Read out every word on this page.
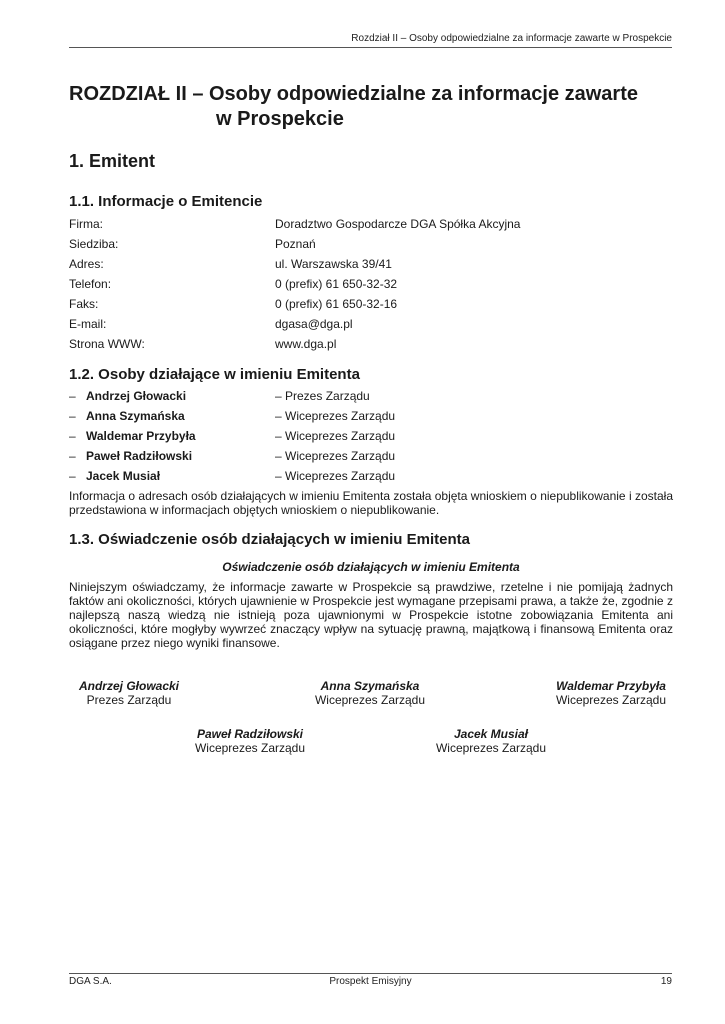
Rozdział II – Osoby odpowiedzialne za informacje zawarte w Prospekcie
ROZDZIAŁ II – Osoby odpowiedzialne za informacje zawarte
w Prospekcie
1. Emitent
1.1. Informacje o Emitencie
Firma:	Doradztwo Gospodarcze DGA Spółka Akcyjna
Siedziba:	Poznań
Adres:	ul. Warszawska 39/41
Telefon:	0 (prefix) 61 650-32-32
Faks:	0 (prefix) 61 650-32-16
E-mail:	dgasa@dga.pl
Strona WWW:	www.dga.pl
1.2. Osoby działające w imieniu Emitenta
– Andrzej Głowacki	– Prezes Zarządu
– Anna Szymańska	– Wiceprezes Zarządu
– Waldemar Przybyła	– Wiceprezes Zarządu
– Paweł Radziłowski	– Wiceprezes Zarządu
– Jacek Musiał	– Wiceprezes Zarządu
Informacja o adresach osób działających w imieniu Emitenta została objęta wnioskiem o niepublikowanie i została przedstawiona w informacjach objętych wnioskiem o niepublikowanie.
1.3. Oświadczenie osób działających w imieniu Emitenta
Oświadczenie osób działających w imieniu Emitenta
Niniejszym oświadczamy, że informacje zawarte w Prospekcie są prawdziwe, rzetelne i nie pomijają żadnych faktów ani okoliczności, których ujawnienie w Prospekcie jest wymagane przepisami prawa, a także że, zgodnie z najlepszą naszą wiedzą nie istnieją poza ujawnionymi w Prospekcie istotne zobowiązania Emitenta ani okoliczności, które mogłyby wywrzeć znaczący wpływ na sytuację prawną, majątkową i finansową Emitenta oraz osiągane przez niego wyniki finansowe.
Andrzej Głowacki
Prezes Zarządu
Anna Szymańska
Wiceprezes Zarządu
Waldemar Przybyła
Wiceprezes Zarządu
Paweł Radziłowski
Wiceprezes Zarządu
Jacek Musiał
Wiceprezes Zarządu
DGA S.A.	Prospekt Emisyjny	19
